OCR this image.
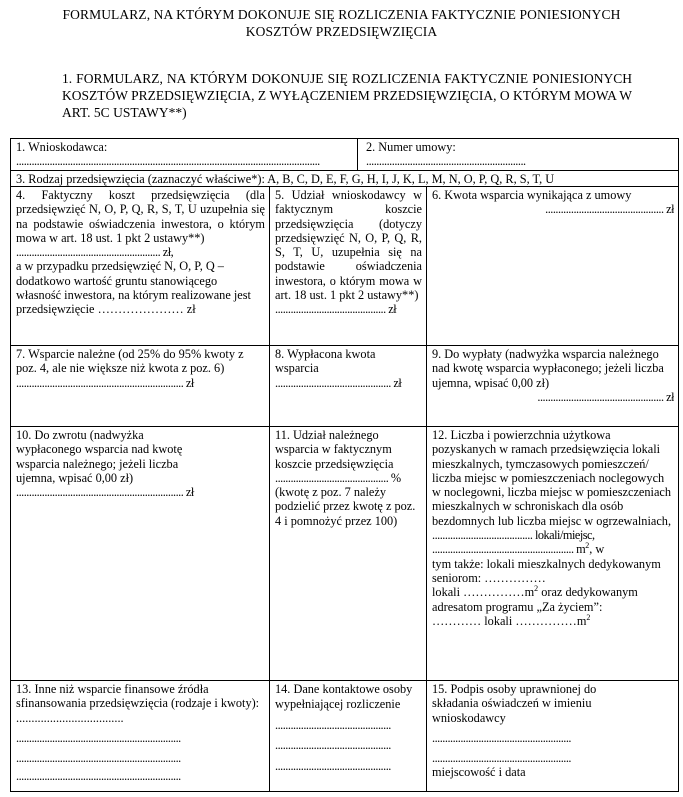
FORMULARZ, NA KTÓRYM DOKONUJE SIĘ ROZLICZENIA FAKTYCZNIE PONIESIONYCH
KOSZTÓW PRZEDSIĘWZIĘCIA
1. FORMULARZ, NA KTÓRYM DOKONUJE SIĘ ROZLICZENIA FAKTYCZNIE PONIESIONYCH KOSZTÓW PRZEDSIĘWZIĘCIA, Z WYŁĄCZENIEM PRZEDSIĘWZIĘCIA, O KTÓRYM MOWA W ART. 5C USTAWY**)
1. Wnioskodawca:
......................................................................................................................
2. Numer umowy:
..............................................................
3. Rodzaj przedsięwzięcia (zaznaczyć właściwe*): A, B, C, D, E, F, G, H, I, J, K, L, M, N, O, P, Q, R, S, T, U
4. Faktyczny koszt przedsięwzięcia (dla przedsięwzięć N, O, P, Q, R, S, T, U uzupełnia się na podstawie oświadczenia inwestora, o którym mowa w art. 18 ust. 1 pkt 2 ustawy**)
........................................................ zł,
a w przypadku przedsięwzięć N, O, P, Q – dodatkowo wartość gruntu stanowiącego własność inwestora, na którym realizowane jest przedsięwzięcie ………………… zł
5. Udział wnioskodawcy w faktycznym koszcie przedsięwzięcia (dotyczy przedsięwzięć N, O, P, Q, R, S, T, U, uzupełnia się na podstawie oświadczenia inwestora, o którym mowa w art. 18 ust. 1 pkt 2 ustawy**)
........................................... zł
6. Kwota wsparcia wynikająca z umowy
.............................................. zł
7. Wsparcie należne (od 25% do 95% kwoty z poz. 4, ale nie większe niż kwota z poz. 6)
................................................................. zł
8. Wypłacona kwota wsparcia
............................................. zł
9. Do wypłaty (nadwyżka wsparcia należnego nad kwotę wsparcia wypłaconego; jeżeli liczba ujemna, wpisać 0,00 zł)
................................................. zł
10. Do zwrotu (nadwyżka wypłaconego wsparcia nad kwotę wsparcia należnego; jeżeli liczba ujemna, wpisać 0,00 zł)
................................................................. zł
11. Udział należnego wsparcia w faktycznym koszcie przedsięwzięcia
............................................ %
(kwotę z poz. 7 należy podzielić przez kwotę z poz. 4 i pomnożyć przez 100)
12. Liczba i powierzchnia użytkowa pozyskanych w ramach przedsięwzięcia lokali mieszkalnych, tymczasowych pomieszczeń/ liczba miejsc w pomieszczeniach noclegowych w noclegowni, liczba miejsc w pomieszczeniach mieszkalnych w schroniskach dla osób bezdomnych lub liczba miejsc w ogrzewalniach,
....................................... lokali/miejsc,
....................................................... $m^2$, w
tym także: lokali mieszkalnych dedykowanym seniorom: ……………
lokali $\dots\dots\dots\dots\dots m^2$ oraz dedykowanym
adresatom programu „Za życiem”:
………… lokali $\dots\dots\dots\dots\dots m^2$
13. Inne niż wsparcie finansowe źródła sfinansowania przedsięwzięcia (rodzaje i kwoty): ...................................
................................................................
................................................................
................................................................
14. Dane kontaktowe osoby wypełniającej rozliczenie
.............................................
.............................................
.............................................
15. Podpis osoby uprawnionej do składania oświadczeń w imieniu wnioskodawcy
......................................................
......................................................
miejscowość i data
